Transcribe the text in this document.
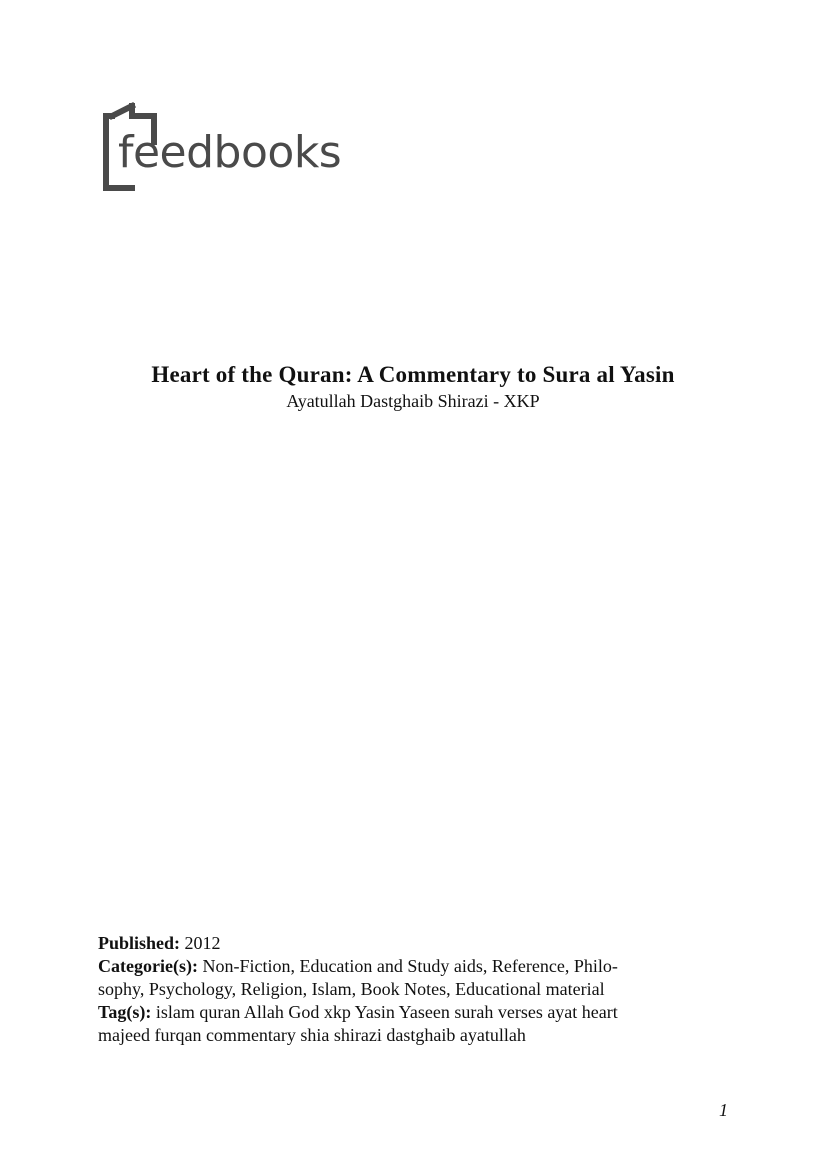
feedbooks

Heart of the Quran: A Commentary to Sura al Yasin

Ayatullah Dastghaib Shirazi - XKP

Published: 2012

Categorie(s): Non-Fiction, Education and Study aids, Reference, Philo-

sophy, Psychology, Religion, Islam, Book Notes, Educational material

Tag(s): islam quran Allah God xkp Yasin Yaseen surah verses ayat heart

majeed furqan commentary shia shirazi dastghaib ayatullah

1
